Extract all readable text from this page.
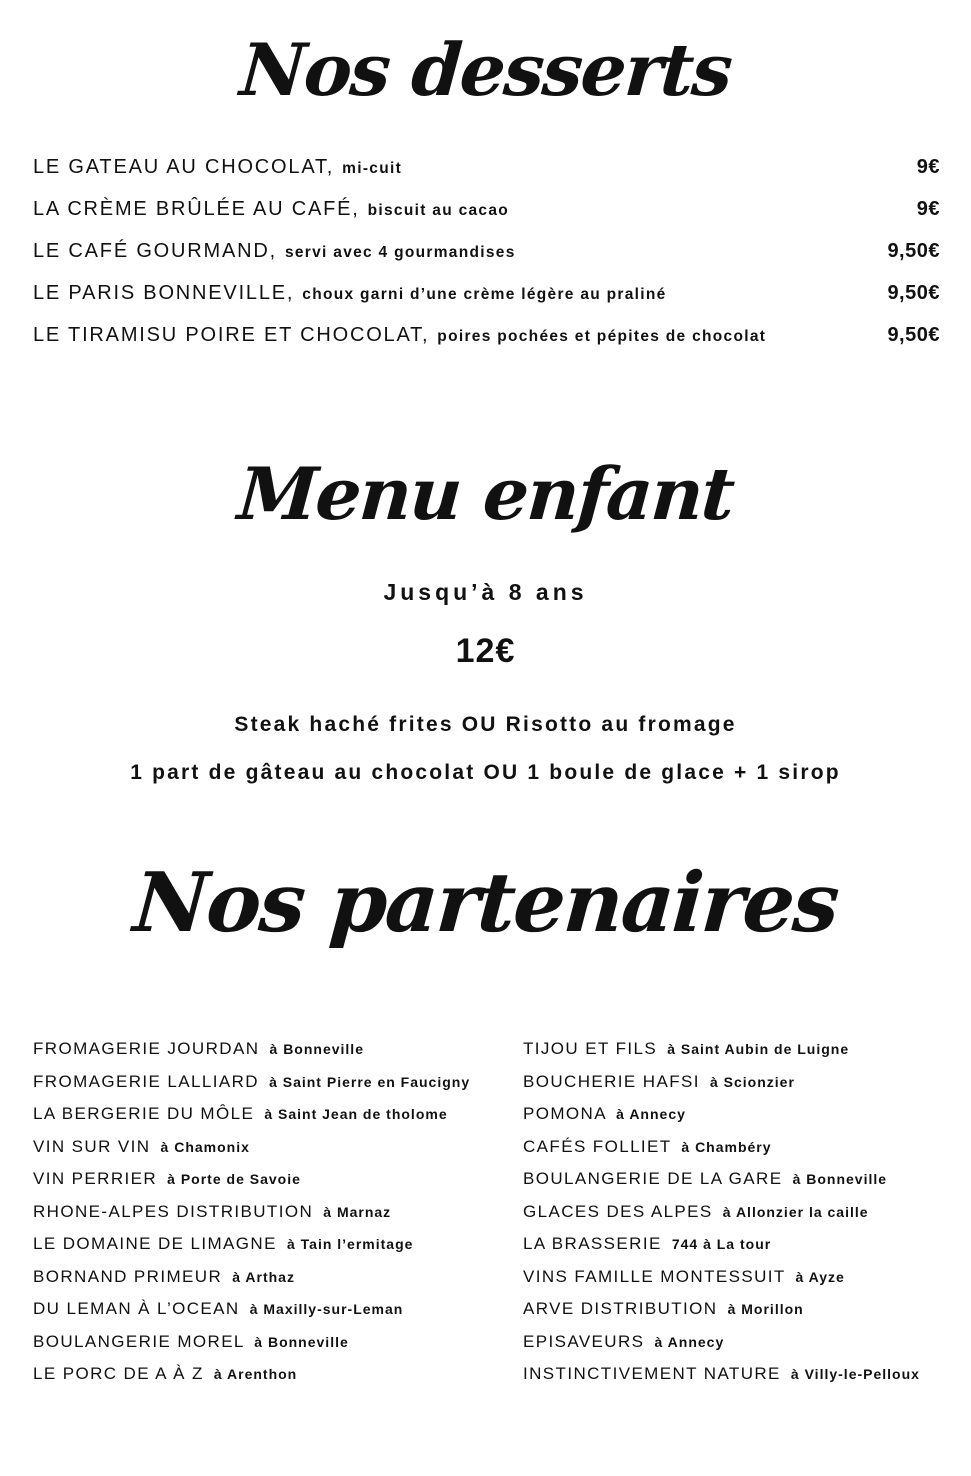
Nos desserts
LE GATEAU AU CHOCOLAT, mi-cuit	9€
LA CRÈME BRÛLÉE AU CAFÉ, biscuit au cacao	9€
LE CAFÉ GOURMAND, servi avec 4 gourmandises	9,50€
LE PARIS BONNEVILLE, choux garni d’une crème légère au praliné	9,50€
LE TIRAMISU POIRE ET CHOCOLAT, poires pochées et pépites de chocolat	9,50€
Menu enfant
Jusqu’à 8 ans
12€
Steak haché frites OU Risotto au fromage
1 part de gâteau au chocolat OU 1 boule de glace + 1 sirop
Nos partenaires
FROMAGERIE JOURDAN à Bonneville
FROMAGERIE LALLIARD à Saint Pierre en Faucigny
LA BERGERIE DU MÔLE à Saint Jean de tholome
VIN SUR VIN à Chamonix
VIN PERRIER à Porte de Savoie
RHONE-ALPES DISTRIBUTION à Marnaz
LE DOMAINE DE LIMAGNE à Tain l’ermitage
BORNAND PRIMEUR à Arthaz
DU LEMAN À L’OCEAN à Maxilly-sur-Leman
BOULANGERIE MOREL à Bonneville
LE PORC DE A À Z à Arenthon
TIJOU ET FILS à Saint Aubin de Luigne
BOUCHERIE HAFSI à Scionzier
POMONA à Annecy
CAFÉS FOLLIET à Chambéry
BOULANGERIE DE LA GARE à Bonneville
GLACES DES ALPES à Allonzier la caille
LA BRASSERIE 744 à La tour
VINS FAMILLE MONTESSUIT à Ayze
ARVE DISTRIBUTION à Morillon
EPISAVEURS à Annecy
INSTINCTIVEMENT NATURE à Villy-le-Pelloux
